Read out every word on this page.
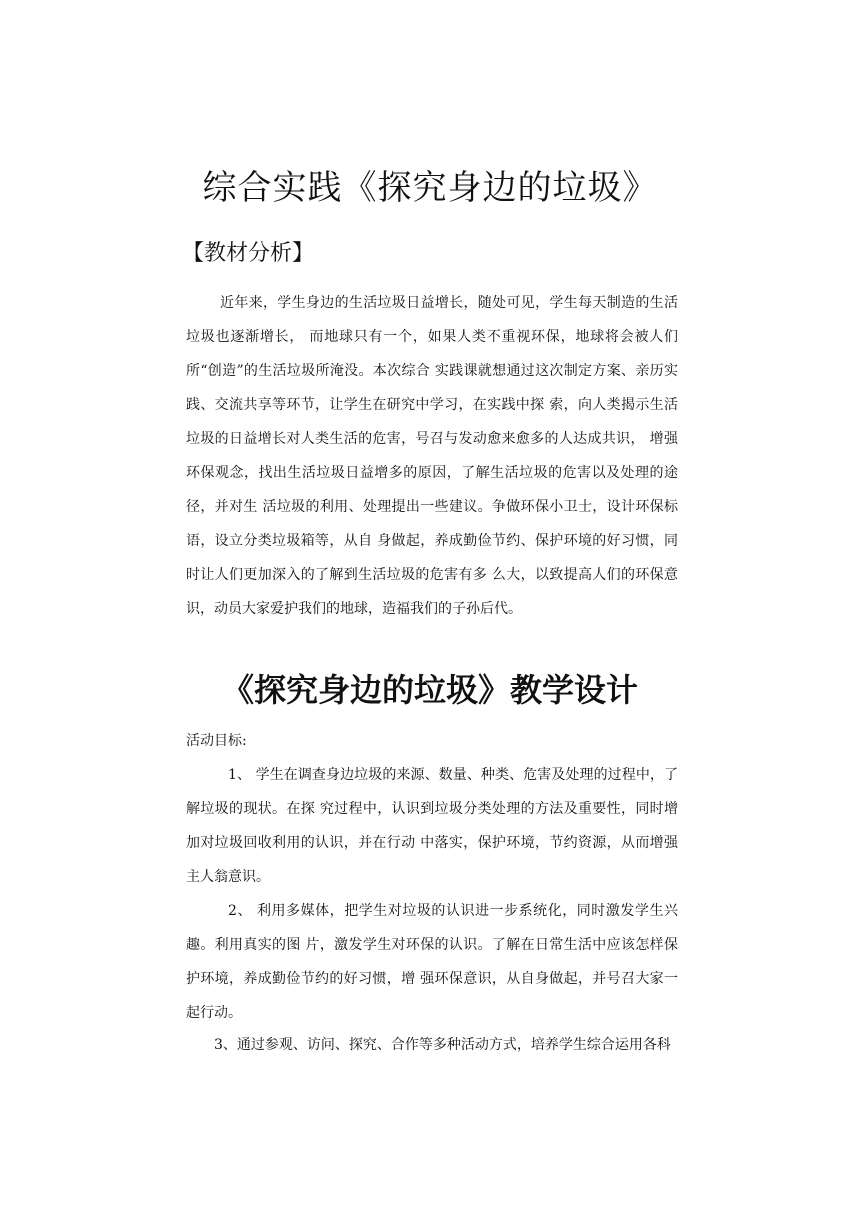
综合实践《探究身边的垃圾》
【教材分析】

近年来，学生身边的生活垃圾日益增长，随处可见，学生每天制造的生活垃圾也逐渐增长， 而地球只有一个，如果人类不重视环保，地球将会被人们所“创造”的生活垃圾所淹没。本次综合 实践课就想通过这次制定方案、亲历实践、交流共享等环节，让学生在研究中学习，在实践中探 索，向人类揭示生活垃圾的日益增长对人类生活的危害，号召与发动愈来愈多的人达成共识， 增强环保观念，找出生活垃圾日益增多的原因，了解生活垃圾的危害以及处理的途径，并对生 活垃圾的利用、处理提出一些建议。争做环保小卫士，设计环保标语，设立分类垃圾箱等，从自 身做起，养成勤俭节约、保护环境的好习惯，同时让人们更加深入的了解到生活垃圾的危害有多 么大，以致提高人们的环保意识，动员大家爱护我们的地球，造福我们的子孙后代。

《探究身边的垃圾》教学设计

活动目标:

1、 学生在调查身边垃圾的来源、数量、种类、危害及处理的过程中，了解垃圾的现状。在探 究过程中，认识到垃圾分类处理的方法及重要性，同时增加对垃圾回收利用的认识，并在行动 中落实，保护环境，节约资源，从而增强主人翁意识。

2、 利用多媒体，把学生对垃圾的认识进一步系统化，同时激发学生兴趣。利用真实的图 片，激发学生对环保的认识。了解在日常生活中应该怎样保护环境，养成勤俭节约的好习惯，增 强环保意识，从自身做起，并号召大家一起行动。

3、通过参观、访问、探究、合作等多种活动方式，培养学生综合运用各科
